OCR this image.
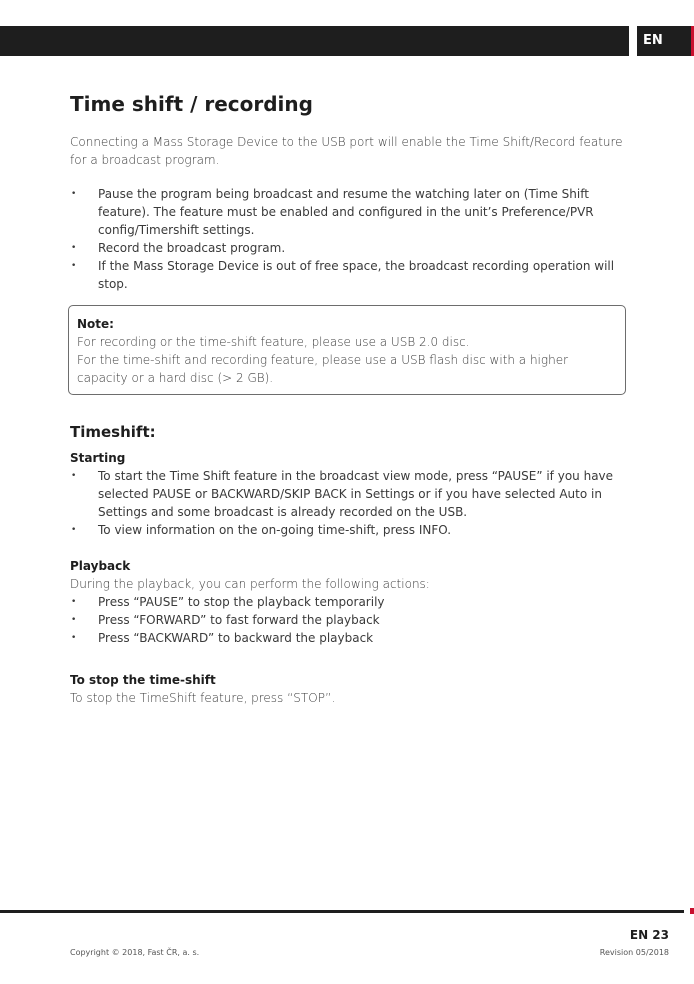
EN
Time shift / recording

Connecting a Mass Storage Device to the USB port will enable the Time Shift/Record feature for a broadcast program.

• Pause the program being broadcast and resume the watching later on (Time Shift feature). The feature must be enabled and configured in the unit’s Preference/PVR config/Timershift settings.
• Record the broadcast program.
• If the Mass Storage Device is out of free space, the broadcast recording operation will stop.
Note:

For recording or the time-shift feature, please use a USB 2.0 disc.

For the time-shift and recording feature, please use a USB flash disc with a higher capacity or a hard disc (> 2 GB).

Timeshift:
Starting
• To start the Time Shift feature in the broadcast view mode, press “PAUSE” if you have selected PAUSE or BACKWARD/SKIP BACK in Settings or if you have selected Auto in Settings and some broadcast is already recorded on the USB.
• To view information on the on-going time-shift, press INFO.
Playback

During the playback, you can perform the following actions:

• Press “PAUSE” to stop the playback temporarily
• Press “FORWARD” to fast forward the playback
• Press “BACKWARD” to backward the playback
To stop the time-shift

To stop the TimeShift feature, press “STOP”.

EN 23
Copyright © 2018, Fast ČR, a. s.	Revision 05/2018
